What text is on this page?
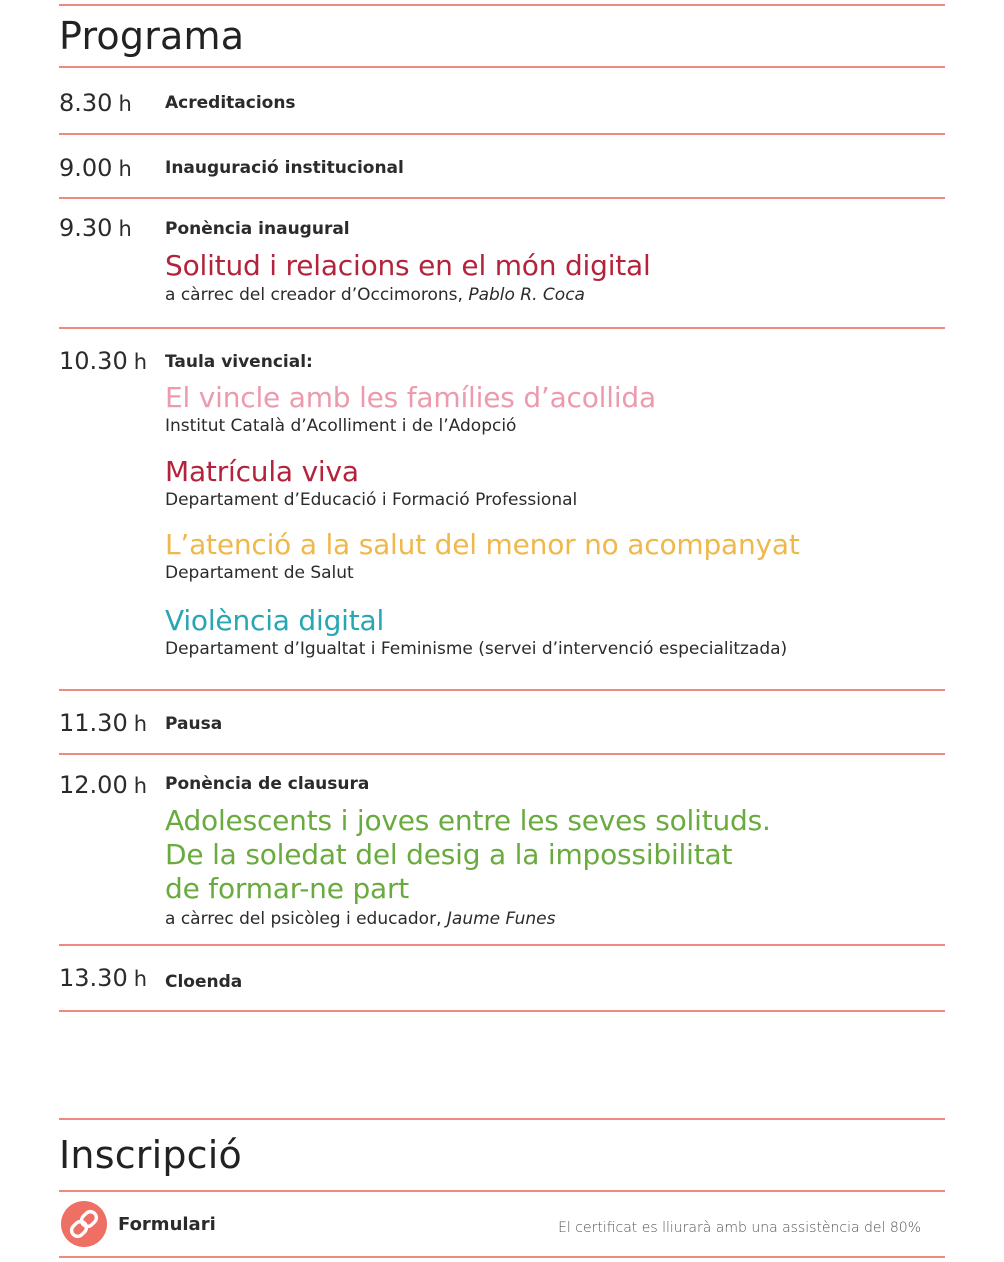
Programa
8.30 h Acreditacions
9.00 h Inauguració institucional
9.30 h Ponència inaugural
Solitud i relacions en el món digital
a càrrec del creador d’Occimorons, Pablo R. Coca
10.30 h Taula vivencial:
El vincle amb les famílies d’acollida
Institut Català d’Acolliment i de l’Adopció
Matrícula viva
Departament d’Educació i Formació Professional
L’atenció a la salut del menor no acompanyat
Departament de Salut
Violència digital
Departament d’Igualtat i Feminisme (servei d’intervenció especialitzada)
11.30 h Pausa
12.00 h Ponència de clausura
Adolescents i joves entre les seves solituds.
De la soledat del desig a la impossibilitat
de formar-ne part
a càrrec del psicòleg i educador, Jaume Funes
13.30 h Cloenda
Inscripció
Formulari	El certificat es lliurarà amb una assistència del 80%
